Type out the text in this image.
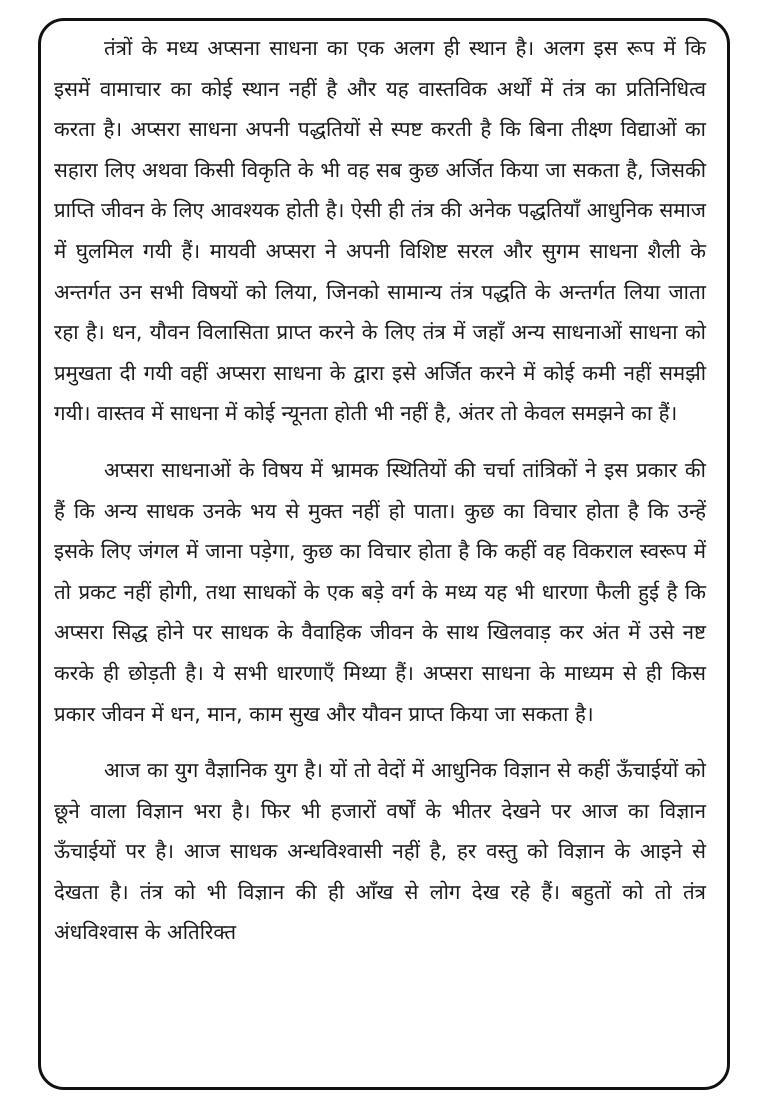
तंत्रों के मध्य अप्सना साधना का एक अलग ही स्थान है। अलग इस रूप में कि इसमें वामाचार का कोई स्थान नहीं है और यह वास्तविक अर्थों में तंत्र का प्रतिनिधित्व करता है। अप्सरा साधना अपनी पद्धतियों से स्पष्ट करती है कि बिना तीक्ष्ण विद्याओं का सहारा लिए अथवा किसी विकृति के भी वह सब कुछ अर्जित किया जा सकता है, जिसकी प्राप्ति जीवन के लिए आवश्यक होती है। ऐसी ही तंत्र की अनेक पद्धतियाँ आधुनिक समाज में घुलमिल गयी हैं। मायवी अप्सरा ने अपनी विशिष्ट सरल और सुगम साधना शैली के अन्तर्गत उन सभी विषयों को लिया, जिनको सामान्य तंत्र पद्धति के अन्तर्गत लिया जाता रहा है। धन, यौवन विलासिता प्राप्त करने के लिए तंत्र में जहाँ अन्य साधनाओं साधना को प्रमुखता दी गयी वहीं अप्सरा साधना के द्वारा इसे अर्जित करने में कोई कमी नहीं समझी गयी। वास्तव में साधना में कोई न्यूनता होती भी नहीं है, अंतर तो केवल समझने का हैं।

अप्सरा साधनाओं के विषय में भ्रामक स्थितियों की चर्चा तांत्रिकों ने इस प्रकार की हैं कि अन्य साधक उनके भय से मुक्त नहीं हो पाता। कुछ का विचार होता है कि उन्हें इसके लिए जंगल में जाना पड़ेगा, कुछ का विचार होता है कि कहीं वह विकराल स्वरूप में तो प्रकट नहीं होगी, तथा साधकों के एक बड़े वर्ग के मध्य यह भी धारणा फैली हुई है कि अप्सरा सिद्ध होने पर साधक के वैवाहिक जीवन के साथ खिलवाड़ कर अंत में उसे नष्ट करके ही छोड़ती है। ये सभी धारणाएँ मिथ्या हैं। अप्सरा साधना के माध्यम से ही किस प्रकार जीवन में धन, मान, काम सुख और यौवन प्राप्त किया जा सकता है।

आज का युग वैज्ञानिक युग है। यों तो वेदों में आधुनिक विज्ञान से कहीं ऊँचाईयों को छूने वाला विज्ञान भरा है। फिर भी हजारों वर्षों के भीतर देखने पर आज का विज्ञान ऊँचाईयों पर है। आज साधक अन्धविश्वासी नहीं है, हर वस्तु को विज्ञान के आइने से देखता है। तंत्र को भी विज्ञान की ही आँख से लोग देख रहे हैं। बहुतों को तो तंत्र अंधविश्वास के अतिरिक्त
